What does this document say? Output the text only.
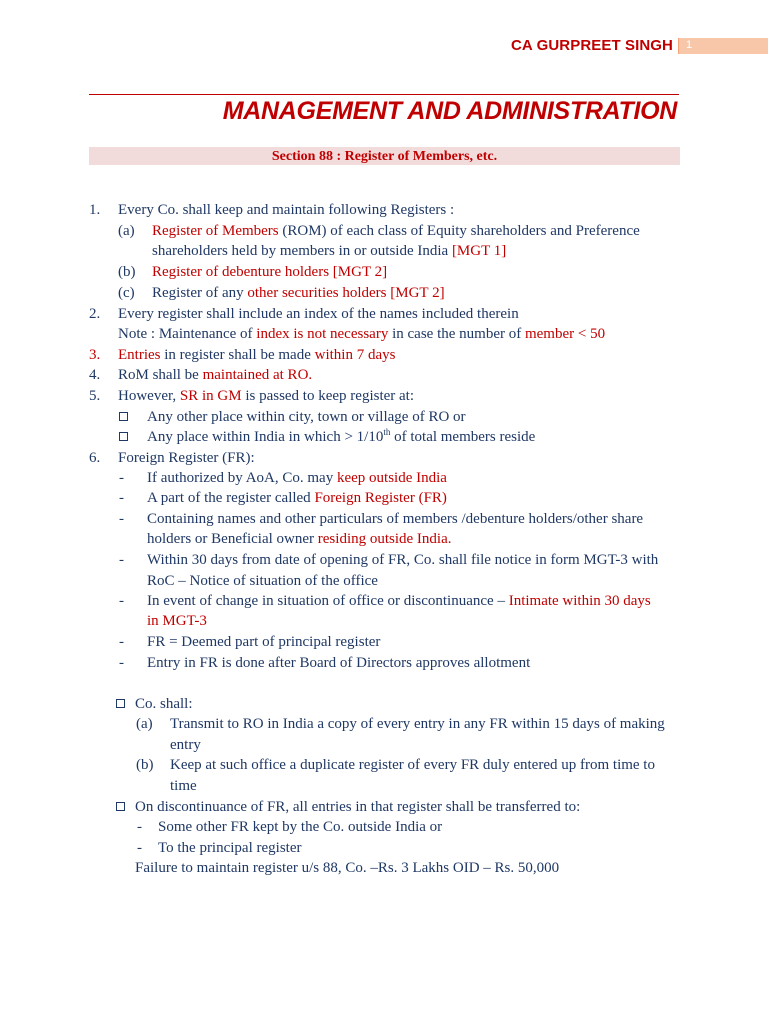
CA GURPREET SINGH 1
MANAGEMENT AND ADMINISTRATION
Section 88 : Register of Members, etc.
1. Every Co. shall keep and maintain following Registers :
(a) Register of Members (ROM) of each class of Equity shareholders and Preference
shareholders held by members in or outside India [MGT 1]
(b) Register of debenture holders [MGT 2]
(c) Register of any other securities holders [MGT 2]
2. Every register shall include an index of the names included therein
Note : Maintenance of index is not necessary in case the number of member < 50
3. Entries in register shall be made within 7 days
4. RoM shall be maintained at RO.
5. However, SR in GM is passed to keep register at:
Any other place within city, town or village of RO or
Any place within India in which > 1/10th of total members reside
6. Foreign Register (FR):
- If authorized by AoA, Co. may keep outside India
- A part of the register called Foreign Register (FR)
- Containing names and other particulars of members /debenture holders/other share
holders or Beneficial owner residing outside India.
- Within 30 days from date of opening of FR, Co. shall file notice in form MGT-3 with
RoC – Notice of situation of the office
- In event of change in situation of office or discontinuance – Intimate within 30 days
in MGT-3
- FR = Deemed part of principal register
- Entry in FR is done after Board of Directors approves allotment
Co. shall:
(a) Transmit to RO in India a copy of every entry in any FR within 15 days of making
entry
(b) Keep at such office a duplicate register of every FR duly entered up from time to
time
On discontinuance of FR, all entries in that register shall be transferred to:
- Some other FR kept by the Co. outside India or
- To the principal register
Failure to maintain register u/s 88, Co. –Rs. 3 Lakhs OID – Rs. 50,000
